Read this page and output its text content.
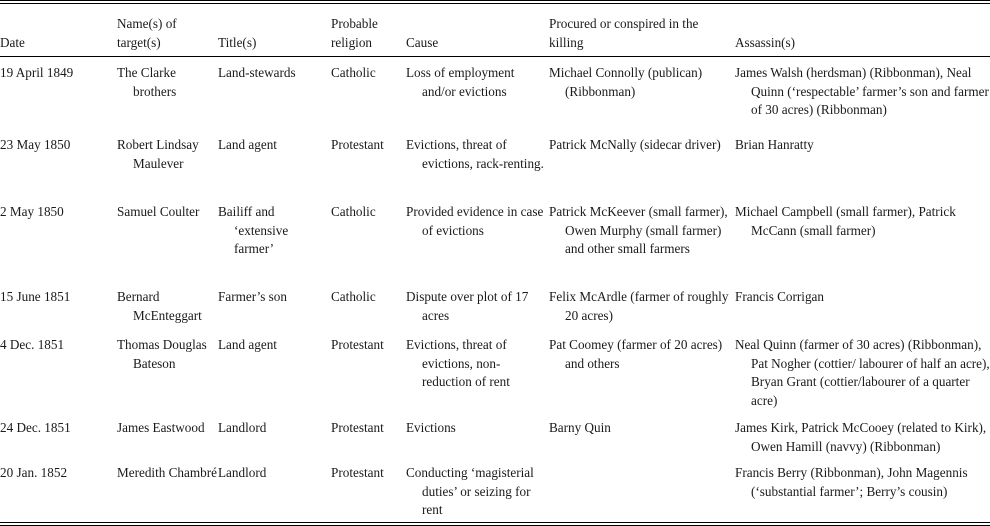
Date	Name(s) of target(s)	Title(s)	Probable religion	Cause	Procured or conspired in the killing	Assassin(s)
19 April 1849	The Clarke brothers	Land-stewards	Catholic	Loss of employment and/or evictions	Michael Connolly (publican) (Ribbonman)	James Walsh (herdsman) (Ribbonman), Neal Quinn (‘respectable’ farmer’s son and farmer of 30 acres) (Ribbonman)
23 May 1850	Robert Lindsay Maulever	Land agent	Protestant	Evictions, threat of evictions, rack-renting.	Patrick McNally (sidecar driver)	Brian Hanratty
2 May 1850	Samuel Coulter	Bailiff and ‘extensive farmer’	Catholic	Provided evidence in case of evictions	Patrick McKeever (small farmer), Owen Murphy (small farmer) and other small farmers	Michael Campbell (small farmer), Patrick McCann (small farmer)
15 June 1851	Bernard McEnteggart	Farmer’s son	Catholic	Dispute over plot of 17 acres	Felix McArdle (farmer of roughly 20 acres)	Francis Corrigan
4 Dec. 1851	Thomas Douglas Bateson	Land agent	Protestant	Evictions, threat of evictions, non-reduction of rent	Pat Coomey (farmer of 20 acres) and others	Neal Quinn (farmer of 30 acres) (Ribbonman), Pat Nogher (cottier/ labourer of half an acre), Bryan Grant (cottier/labourer of a quarter acre)
24 Dec. 1851	James Eastwood	Landlord	Protestant	Evictions	Barny Quin	James Kirk, Patrick McCooey (related to Kirk), Owen Hamill (navvy) (Ribbonman)
20 Jan. 1852	Meredith Chambré	Landlord	Protestant	Conducting ‘magisterial duties’ or seizing for rent		Francis Berry (Ribbonman), John Magennis (‘substantial farmer’; Berry’s cousin)
